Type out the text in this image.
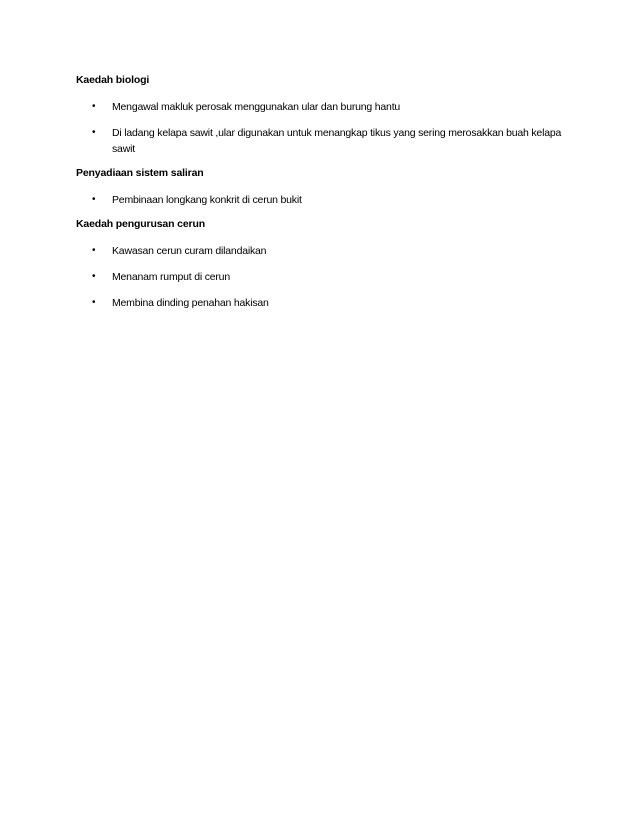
Kaedah biologi
• Mengawal makluk perosak menggunakan ular dan burung hantu
• Di ladang kelapa sawit ,ular digunakan untuk menangkap tikus yang sering merosakkan buah kelapa sawit
Penyadiaan sistem saliran
• Pembinaan longkang konkrit di cerun bukit
Kaedah pengurusan cerun
• Kawasan cerun curam dilandaikan
• Menanam rumput di cerun
• Membina dinding penahan hakisan
